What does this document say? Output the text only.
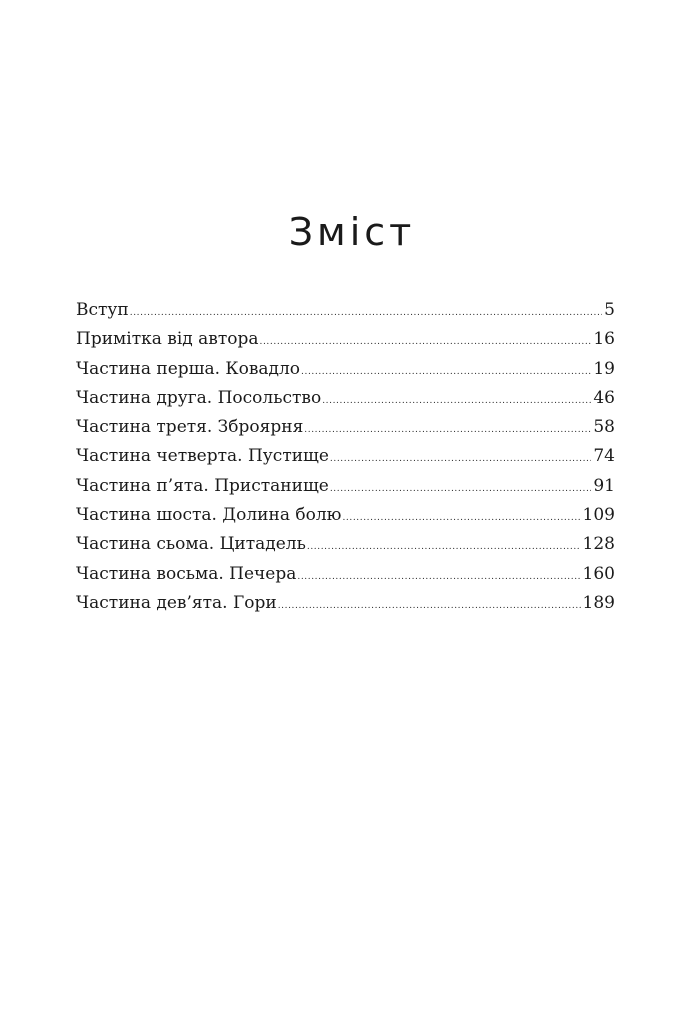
Зміст
Вступ .....	5
Примітка від автора .....	16
Частина перша. Ковадло .....	19
Частина друга. Посольство .....	46
Частина третя. Зброярня .....	58
Частина четверта. Пустище .....	74
Частина п’ята. Пристанище .....	91
Частина шоста. Долина болю .....	109
Частина сьома. Цитадель .....	128
Частина восьма. Печера .....	160
Частина дев’ята. Гори .....	189
